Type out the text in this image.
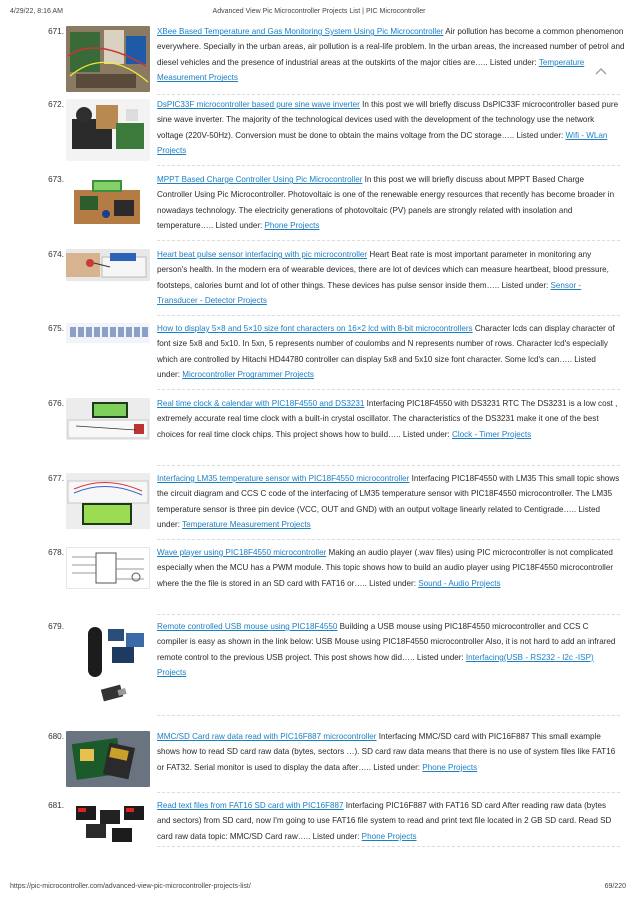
4/29/22, 8:16 AM	Advanced View Pic Microcontroller Projects List | PIC Microcontroller
671.	XBee Based Temperature and Gas Monitoring System Using Pic Microcontroller Air pollution has become a common phenomenon everywhere. Specially in the urban areas, air pollution is a real-life problem. In the urban areas, the increased number of petrol and diesel vehicles and the presence of industrial areas at the outskirts of the major cities are….. Listed under: Temperature Measurement Projects
672.	DsPIC33F microcontroller based pure sine wave inverter In this post we will briefly discuss DsPIC33F microcontroller based pure sine wave inverter. The majority of the technological devices used with the development of the technology use the network voltage (220V-50Hz). Conversion must be done to obtain the mains voltage from the DC storage….. Listed under: Wifi - WLan Projects
673.	MPPT Based Charge Controller Using Pic Microcontroller In this post we will briefly discuss about MPPT Based Charge Controller Using Pic Microcontroller. Photovoltaic is one of the renewable energy resources that recently has become broader in nowadays technology. The electricity generations of photovoltaic (PV) panels are strongly related with insolation and temperature….. Listed under: Phone Projects
674.	Heart beat pulse sensor interfacing with pic microcontroller Heart Beat rate is most important parameter in monitoring any person's health. In the modern era of wearable devices, there are lot of devices which can measure heartbeat, blood pressure, footsteps, calories burnt and lot of other things. These devices has pulse sensor inside them….. Listed under: Sensor - Transducer - Detector Projects
675.	How to display 5×8 and 5×10 size font characters on 16×2 lcd with 8-bit microcontrollers Character lcds can display character of font size 5x8 and 5x10. In 5xn, 5 represents number of coulombs and N represents number of rows. Character lcd's especially which are controlled by Hitachi HD44780 controller can display 5x8 and 5x10 size font character. Some lcd's can….. Listed under: Microcontroller Programmer Projects
676.	Real time clock & calendar with PIC18F4550 and DS3231 Interfacing PIC18F4550 with DS3231 RTC The DS3231 is a low cost , extremely accurate real time clock with a built-in crystal oscillator. The characteristics of the DS3231 make it one of the best choices for real time clock chips. This project shows how to build….. Listed under: Clock - Timer Projects
677.	Interfacing LM35 temperature sensor with PIC18F4550 microcontroller Interfacing PIC18F4550 with LM35 This small topic shows the circuit diagram and CCS C code of the interfacing of LM35 temperature sensor with PIC18F4550 microcontroller. The LM35 temperature sensor is three pin device (VCC, OUT and GND) with an output voltage linearly related to Centigrade….. Listed under: Temperature Measurement Projects
678.	Wave player using PIC18F4550 microcontroller Making an audio player (.wav files) using PIC microcontroller is not complicated especially when the MCU has a PWM module. This topic shows how to build an audio player using PIC18F4550 microcontroller where the the file is stored in an SD card with FAT16 or….. Listed under: Sound - Audio Projects
679.	Remote controlled USB mouse using PIC18F4550 Building a USB mouse using PIC18F4550 microcontroller and CCS C compiler is easy as shown in the link below: USB Mouse using PIC18F4550 microcontroller Also, it is not hard to add an infrared remote control to the previous USB project. This post shows how did….. Listed under: Interfacing(USB - RS232 - I2c -ISP) Projects
680.	MMC/SD Card raw data read with PIC16F887 microcontroller Interfacing MMC/SD card with PIC16F887 This small example shows how to read SD card raw data (bytes, sectors …). SD card raw data means that there is no use of system files like FAT16 or FAT32. Serial monitor is used to display the data after….. Listed under: Phone Projects
681.	Read text files from FAT16 SD card with PIC16F887 Interfacing PIC16F887 with FAT16 SD card After reading raw data (bytes and sectors) from SD card, now I'm going to use FAT16 file system to read and print text file located in 2 GB SD card. Read SD card raw data topic: MMC/SD Card raw….. Listed under: Phone Projects
https://pic-microcontroller.com/advanced-view-pic-microcontroller-projects-list/	69/220
